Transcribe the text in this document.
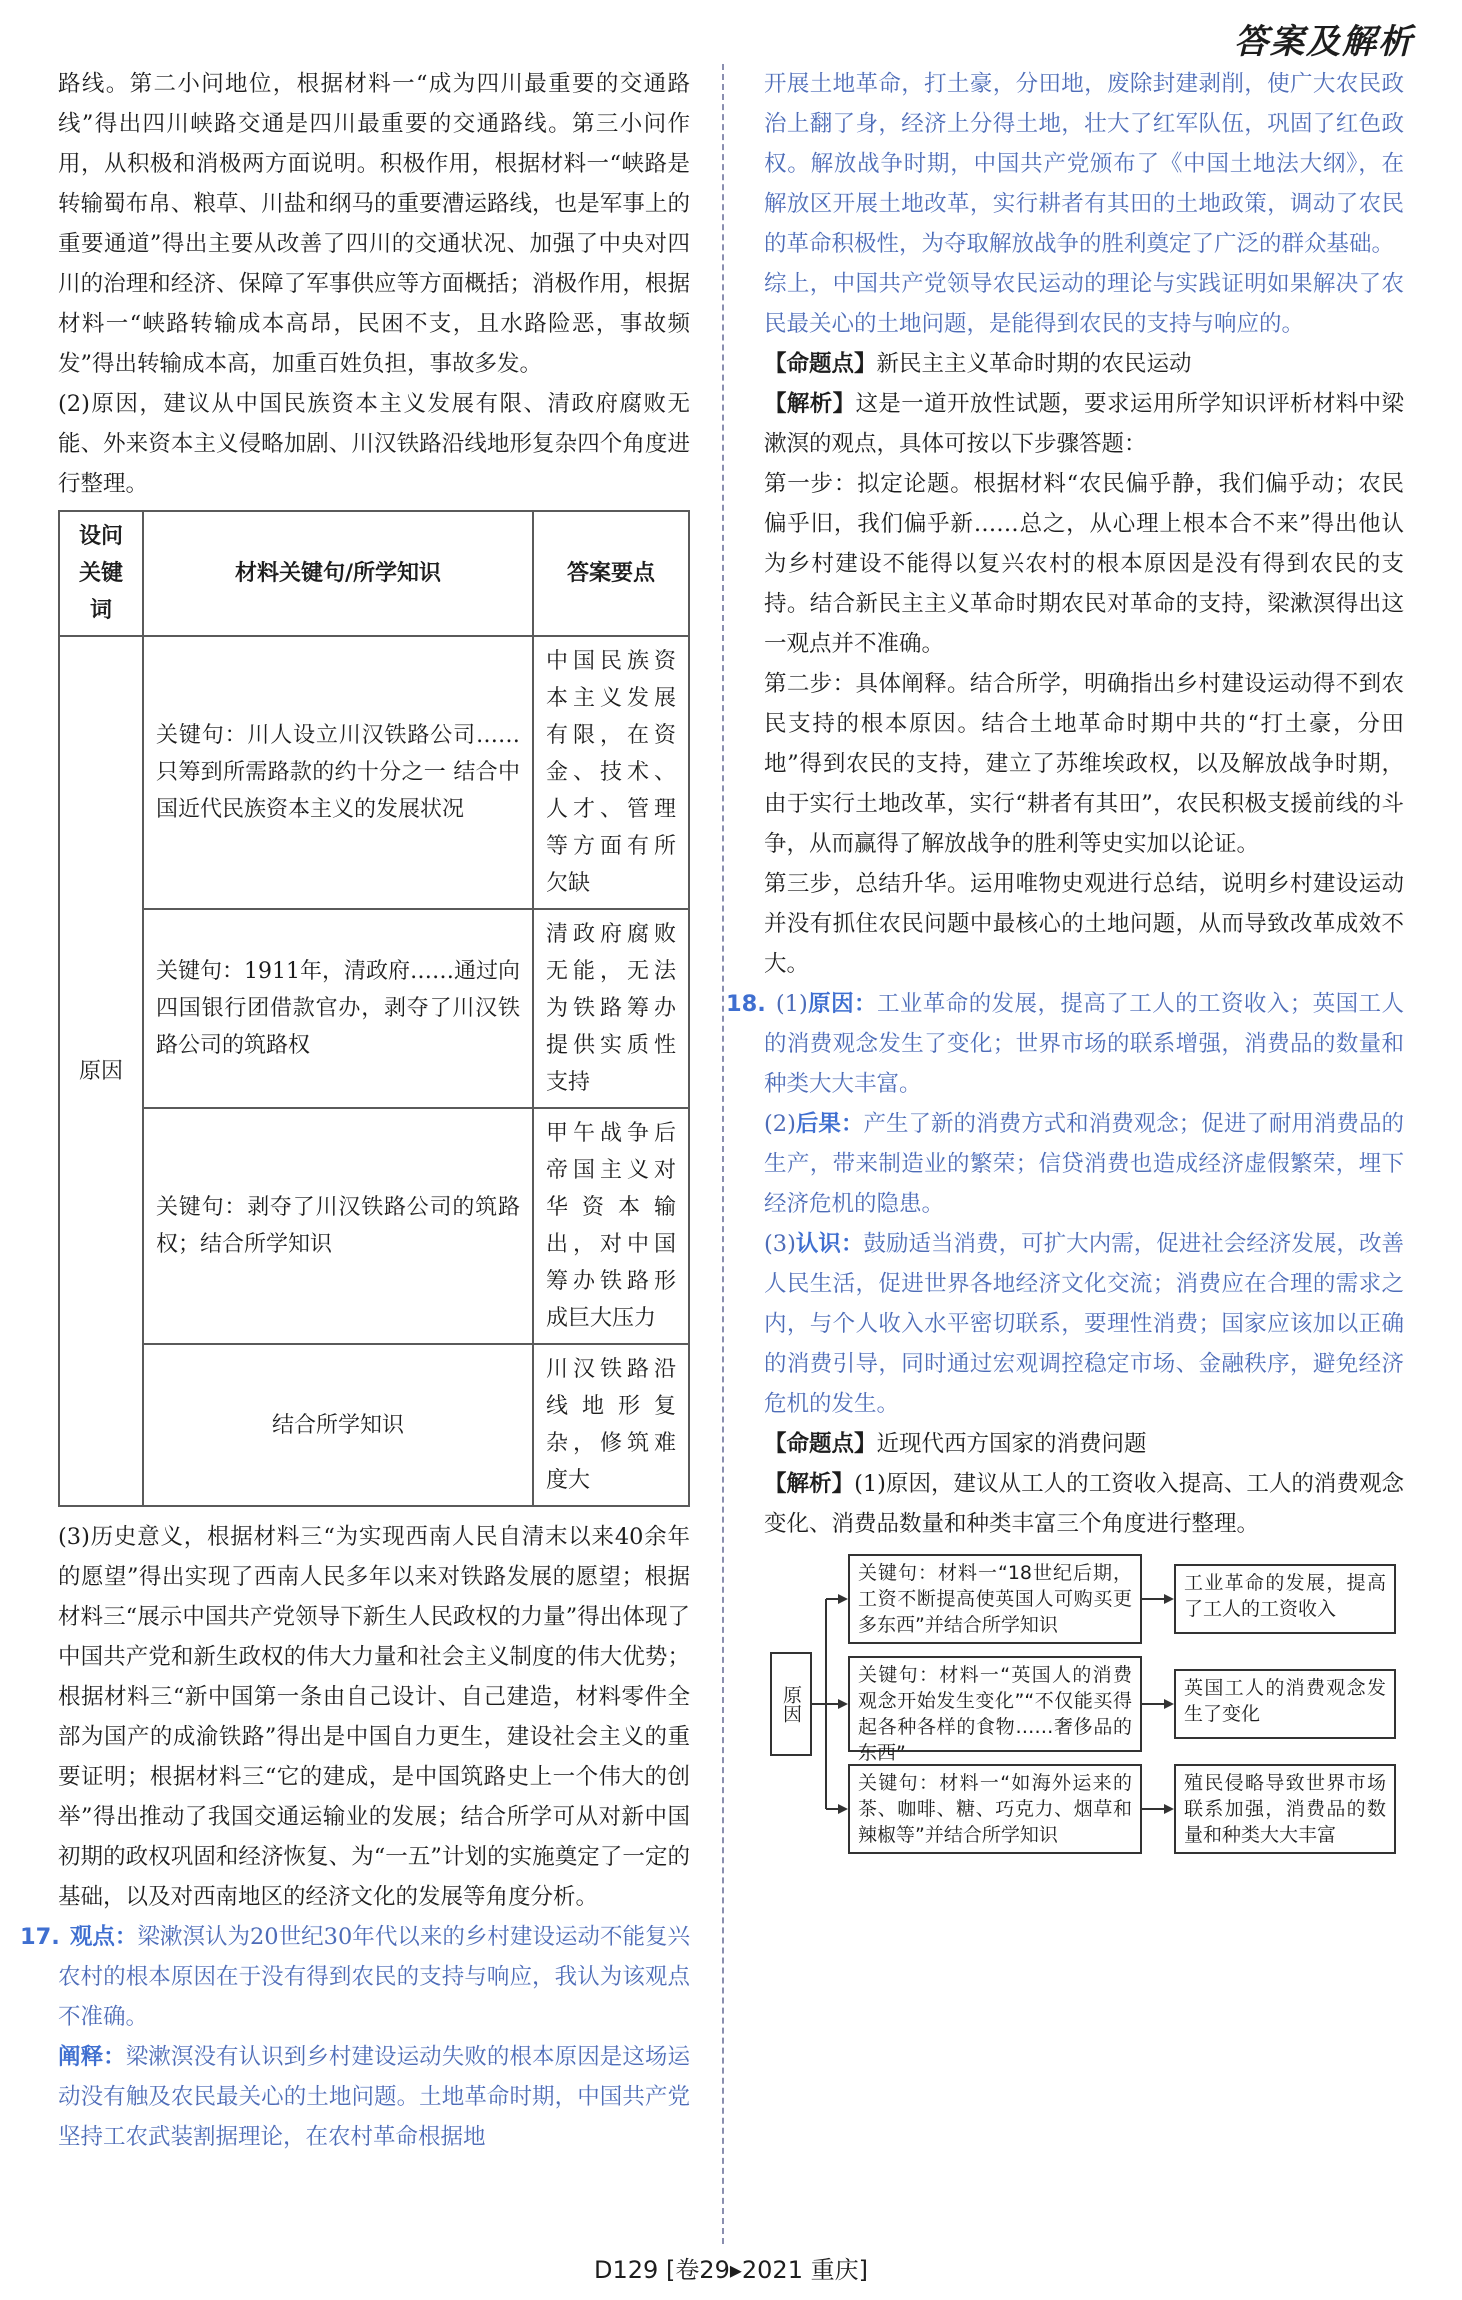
答案及解析

路线。第二小问地位，根据材料一“成为四川最重要的交通路线”得出四川峡路交通是四川最重要的交通路线。第三小问作用，从积极和消极两方面说明。积极作用，根据材料一“峡路是转输蜀布帛、粮草、川盐和纲马的重要漕运路线，也是军事上的重要通道”得出主要从改善了四川的交通状况、加强了中央对四川的治理和经济、保障了军事供应等方面概括；消极作用，根据材料一“峡路转输成本高昂，民困不支，且水路险恶，事故频发”得出转输成本高，加重百姓负担，事故多发。

(2)原因，建议从中国民族资本主义发展有限、清政府腐败无能、外来资本主义侵略加剧、川汉铁路沿线地形复杂四个角度进行整理。

设问关键词	材料关键句/所学知识	答案要点
原因	关键句：川人设立川汉铁路公司……只筹到所需路款的约十分之一 结合中国近代民族资本主义的发展状况	中国民族资本主义发展有限，在资金、技术、人才、管理等方面有所欠缺
	关键句：1911年，清政府……通过向四国银行团借款官办，剥夺了川汉铁路公司的筑路权	清政府腐败无能，无法为铁路筹办提供实质性支持
	关键句：剥夺了川汉铁路公司的筑路权；结合所学知识	甲午战争后帝国主义对华资本输出，对中国筹办铁路形成巨大压力
	结合所学知识	川汉铁路沿线地形复杂，修筑难度大

(3)历史意义，根据材料三“为实现西南人民自清末以来40余年的愿望”得出实现了西南人民多年以来对铁路发展的愿望；根据材料三“展示中国共产党领导下新生人民政权的力量”得出体现了中国共产党和新生政权的伟大力量和社会主义制度的伟大优势；根据材料三“新中国第一条由自己设计、自己建造，材料零件全部为国产的成渝铁路”得出是中国自力更生，建设社会主义的重要证明；根据材料三“它的建成，是中国筑路史上一个伟大的创举”得出推动了我国交通运输业的发展；结合所学可从对新中国初期的政权巩固和经济恢复、为“一五”计划的实施奠定了一定的基础，以及对西南地区的经济文化的发展等角度分析。

17. 观点：梁漱溟认为20世纪30年代以来的乡村建设运动不能复兴农村的根本原因在于没有得到农民的支持与响应，我认为该观点不准确。

阐释：梁漱溟没有认识到乡村建设运动失败的根本原因是这场运动没有触及农民最关心的土地问题。土地革命时期，中国共产党坚持工农武装割据理论，在农村革命根据地

开展土地革命，打土豪，分田地，废除封建剥削，使广大农民政治上翻了身，经济上分得土地，壮大了红军队伍，巩固了红色政权。解放战争时期，中国共产党颁布了《中国土地法大纲》，在解放区开展土地改革，实行耕者有其田的土地政策，调动了农民的革命积极性，为夺取解放战争的胜利奠定了广泛的群众基础。

综上，中国共产党领导农民运动的理论与实践证明如果解决了农民最关心的土地问题，是能得到农民的支持与响应的。

【命题点】新民主主义革命时期的农民运动

【解析】这是一道开放性试题，要求运用所学知识评析材料中梁漱溟的观点，具体可按以下步骤答题：

第一步：拟定论题。根据材料“农民偏乎静，我们偏乎动；农民偏乎旧，我们偏乎新……总之，从心理上根本合不来”得出他认为乡村建设不能得以复兴农村的根本原因是没有得到农民的支持。结合新民主主义革命时期农民对革命的支持，梁漱溟得出这一观点并不准确。

第二步：具体阐释。结合所学，明确指出乡村建设运动得不到农民支持的根本原因。结合土地革命时期中共的“打土豪，分田地”得到农民的支持，建立了苏维埃政权，以及解放战争时期，由于实行土地改革，实行“耕者有其田”，农民积极支援前线的斗争，从而赢得了解放战争的胜利等史实加以论证。

第三步，总结升华。运用唯物史观进行总结，说明乡村建设运动并没有抓住农民问题中最核心的土地问题，从而导致改革成效不大。

18. (1)原因：工业革命的发展，提高了工人的工资收入；英国工人的消费观念发生了变化；世界市场的联系增强，消费品的数量和种类大大丰富。

(2)后果：产生了新的消费方式和消费观念；促进了耐用消费品的生产，带来制造业的繁荣；信贷消费也造成经济虚假繁荣，埋下经济危机的隐患。

(3)认识：鼓励适当消费，可扩大内需，促进社会经济发展，改善人民生活，促进世界各地经济文化交流；消费应在合理的需求之内，与个人收入水平密切联系，要理性消费；国家应该加以正确的消费引导，同时通过宏观调控稳定市场、金融秩序，避免经济危机的发生。

【命题点】近现代西方国家的消费问题

【解析】(1)原因，建议从工人的工资收入提高、工人的消费观念变化、消费品数量和种类丰富三个角度进行整理。

原因
关键句：材料一“18世纪后期，工资不断提高使英国人可购买更多东西”并结合所学知识
工业革命的发展，提高了工人的工资收入
关键句：材料一“英国人的消费观念开始发生变化”“不仅能买得起各种各样的食物……奢侈品的东西”
英国工人的消费观念发生了变化
关键句：材料一“如海外运来的茶、咖啡、糖、巧克力、烟草和辣椒等”并结合所学知识
殖民侵略导致世界市场联系加强，消费品的数量和种类大大丰富
D129 [卷29▸2021 重庆]
